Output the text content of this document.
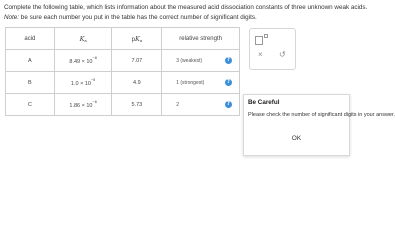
Complete the following table, which lists information about the measured acid dissociation constants of three unknown weak acids.
Note: be sure each number you put in the table has the correct number of significant digits.
acid	$K_a$	$pK_a$	relative strength
A	$8.49 \times 10^{-8}$	7.07	3 (weakest) ?

B	$1.0 \times 10^{-5}$	4.9	1 (strongest) ?

C	$1.86 \times 10^{-6}$	5.73	2 ?
× ↺
Be Careful
Please check the number of significant digits in your answer.
OK
